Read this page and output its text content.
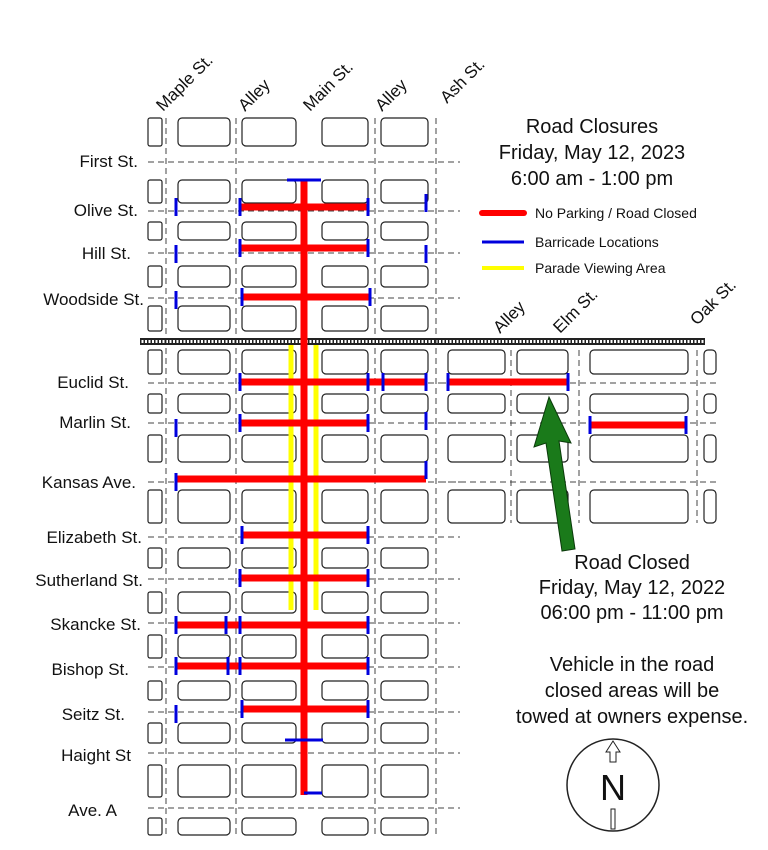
Maple St. Alley Main St. Alley Ash St.
Alley Elm St.	Oak St.
First St.
Olive St.
Hill St.
Woodside St.
Euclid St.
Marlin St.
Kansas Ave.
Elizabeth St.
Sutherland St.
Skancke St.
Bishop St.
Seitz St.
Haight St
Ave. A
Road Closures
Friday, May 12, 2023
6:00 am - 1:00 pm
No Parking / Road Closed
Barricade Locations
Parade Viewing Area
Road Closed
Friday, May 12, 2022
06:00 pm - 11:00 pm
Vehicle in the road
closed areas will be
towed at owners expense.
N
